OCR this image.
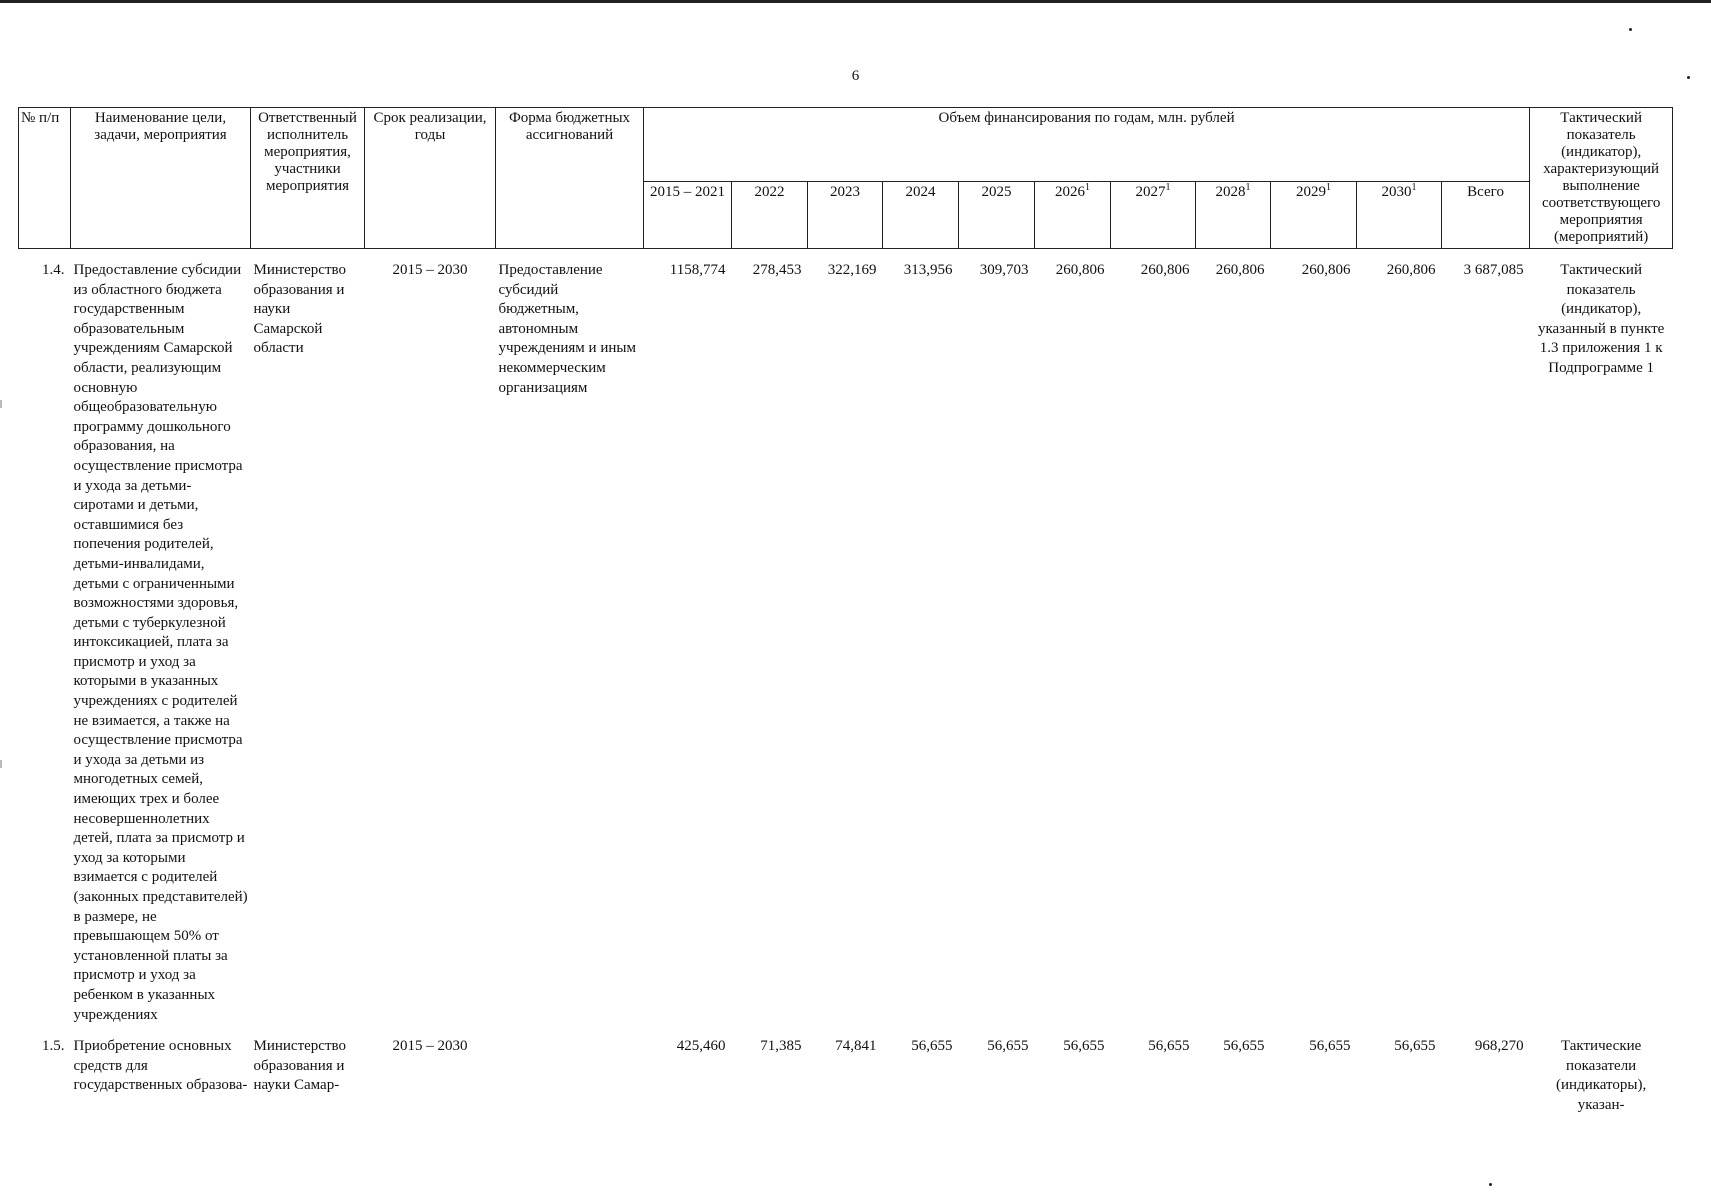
6
№ п/п	Наименование цели, задачи, мероприятия	Ответственный исполнитель мероприятия, участники мероприятия	Срок реализации, годы	Форма бюджетных ассигнований	Объем финансирования по годам, млн. рублей											Тактический показатель (индикатор), характеризующий выполнение соответствующего мероприятия (мероприятий)
					2015 – 2021	2022	2023	2024	2025	2026$^1$	2027$^1$	2028$^1$	2029$^1$	2030$^1$	Всего	
1.4.	Предоставление субсидии из областного бюджета государственным образовательным учреждениям Самарской области, реализующим основную общеобразовательную программу дошкольного образования, на осуществление присмотра и ухода за детьми-сиротами и детьми, оставшимися без попечения родителей, детьми-инвалидами, детьми с ограниченными возможностями здоровья, детьми с туберкулезной интоксикацией, плата за присмотр и уход за которыми в указанных учреждениях с родителей не взимается, а также на осуществление присмотра и ухода за детьми из многодетных семей, имеющих трех и более несовершеннолетних детей, плата за присмотр и уход за которыми взимается с родителей (законных представителей) в размере, не превышающем 50% от установленной платы за присмотр и уход за ребенком в указанных учреждениях	Министерство образования и науки Самарской области	2015 – 2030	Предоставление субсидий бюджетным, автономным учреждениям и иным некоммерческим организациям	1158,774	278,453	322,169	313,956	309,703	260,806	260,806	260,806	260,806	260,806	3 687,085	Тактический показатель (индикатор), указанный в пункте 1.3 приложения 1 к Подпрограмме 1
1.5.	Приобретение основных средств для государственных образова-	Министерство образования и науки Самар-	2015 – 2030		425,460	71,385	74,841	56,655	56,655	56,655	56,655	56,655	56,655	56,655	968,270	Тактические показатели (индикаторы), указан-
